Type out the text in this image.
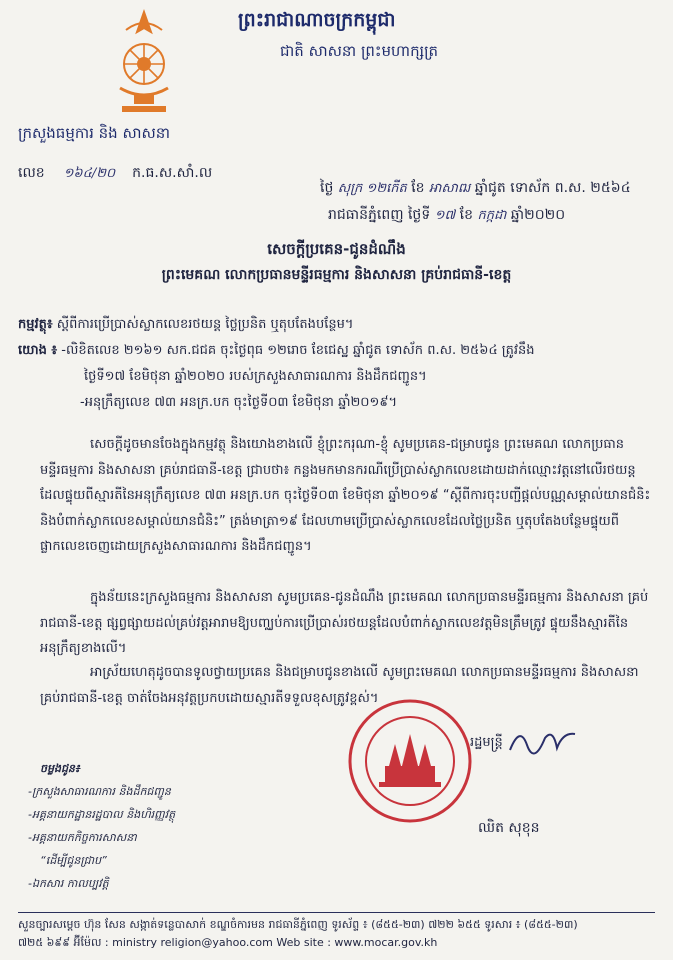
ព្រះរាជាណាចក្រកម្ពុជា
ជាតិ សាសនា ព្រះមហាក្សត្រ
ក្រសួងធម្មការ និង សាសនា
លេខ ១៦៤/២០ ក.ធ.ស.សាំ.ល
ថ្ងៃ សុក្រ ១២កើត ខែ អាសាឍ ឆ្នាំជូត ទោស័ក ព.ស. ២៥៦៤
រាជធានីភ្នំពេញ ថ្ងៃទី ១៧ ខែ កក្កដា ឆ្នាំ២០២០
សេចក្តីប្រគេន-ជូនដំណឹង
ព្រះមេគណ លោកប្រធានមន្ទីរធម្មការ និងសាសនា គ្រប់រាជធានី-ខេត្ត
កម្មវត្ថុ៖ ស្តីពីការប្រើប្រាស់ស្លាកលេខរថយន្ត ថ្លៃប្រនិត ឬតុបតែងបន្ថែម។
យោង ៖ -លិខិតលេខ ២១៦១ សក.ជជគ ចុះថ្ងៃពុធ ១២រោច ខែជេស្ឋ ឆ្នាំជូត ទោស័ក ព.ស. ២៥៦៤ ត្រូវនឹង
ថ្ងៃទី១៧ ខែមិថុនា ឆ្នាំ២០២០ របស់ក្រសួងសាធារណការ និងដឹកជញ្ជូន។
-អនុក្រឹត្យលេខ ៧៣ អនក្រ.បក ចុះថ្ងៃទី០៣ ខែមិថុនា ឆ្នាំ២០១៩។
សេចក្តីដូចមានចែងក្នុងកម្មវត្ថុ និងយោងខាងលើ ខ្ញុំព្រះករុណា-ខ្ញុំ សូមប្រគេន-ជម្រាបជូន ព្រះមេគណ លោកប្រធានមន្ទីរធម្មការ និងសាសនា គ្រប់រាជធានី-ខេត្ត ជ្រាបថា៖ កន្លងមកមានករណីប្រើប្រាស់ស្លាកលេខដោយដាក់ឈ្មោះវត្តនៅលើរថយន្ត ដែលផ្ទុយពីស្មារតីនៃអនុក្រឹត្យលេខ ៧៣ អនក្រ.បក ចុះថ្ងៃទី០៣ ខែមិថុនា ឆ្នាំ២០១៩ “ស្តីពីការចុះបញ្ជីផ្តល់បណ្ណសម្គាល់យានជំនិះ និងបំពាក់ស្លាកលេខសម្គាល់យានជំនិះ” ត្រង់មាត្រា១៩ ដែលហាមប្រើប្រាស់ស្លាកលេខដែលថ្លៃប្រនិត ឬតុបតែងបន្ថែមផ្ទុយពីផ្លាកលេខចេញដោយក្រសួងសាធារណការ និងដឹកជញ្ជូន។
ក្នុងន័យនេះក្រសួងធម្មការ និងសាសនា សូមប្រគេន-ជូនដំណឹង ព្រះមេគណ លោកប្រធានមន្ទីរធម្មការ និងសាសនា គ្រប់រាជធានី-ខេត្ត ផ្សព្វផ្សាយដល់គ្រប់វត្តអារាមឱ្យបញ្ឈប់ការប្រើប្រាស់រថយន្តដែលបំពាក់ស្លាកលេខវត្តមិនត្រឹមត្រូវ ផ្ទុយនឹងស្មារតីនៃអនុក្រឹត្យខាងលើ។
អាស្រ័យហេតុដូចបានទូលថ្វាយប្រគេន និងជម្រាបជូនខាងលើ សូមព្រះមេគណ លោកប្រធានមន្ទីរធម្មការ និងសាសនា គ្រប់រាជធានី-ខេត្ត ចាត់ចែងអនុវត្តប្រកបដោយស្មារតីទទួលខុសត្រូវខ្ពស់។
រដ្ឋមន្ត្រី
ឈិត សុខុន
ចម្លងជូន៖
-ក្រសួងសាធារណការ និងដឹកជញ្ជូន
-អគ្គនាយកដ្ឋានរដ្ឋបាល និងហិរញ្ញវត្ថុ
-អគ្គនាយកកិច្ចការសាសនា
“ដើម្បីជូនជ្រាប”
-ឯកសារ កាលប្បវត្តិ
សួនច្បារសម្តេច ហ៊ុន សែន សង្កាត់ទន្លេបាសាក់ ខណ្ឌចំការមន រាជធានីភ្នំពេញ ទូរស័ព្ទ ៖ (៨៥៥-២៣) ៧២២ ៦៥៥ ទូរសារ ៖ (៨៥៥-២៣)
៧២៥ ៦៩៩ អ៊ីម៉ែល : ministry religion@yahoo.com Web site : www.mocar.gov.kh
